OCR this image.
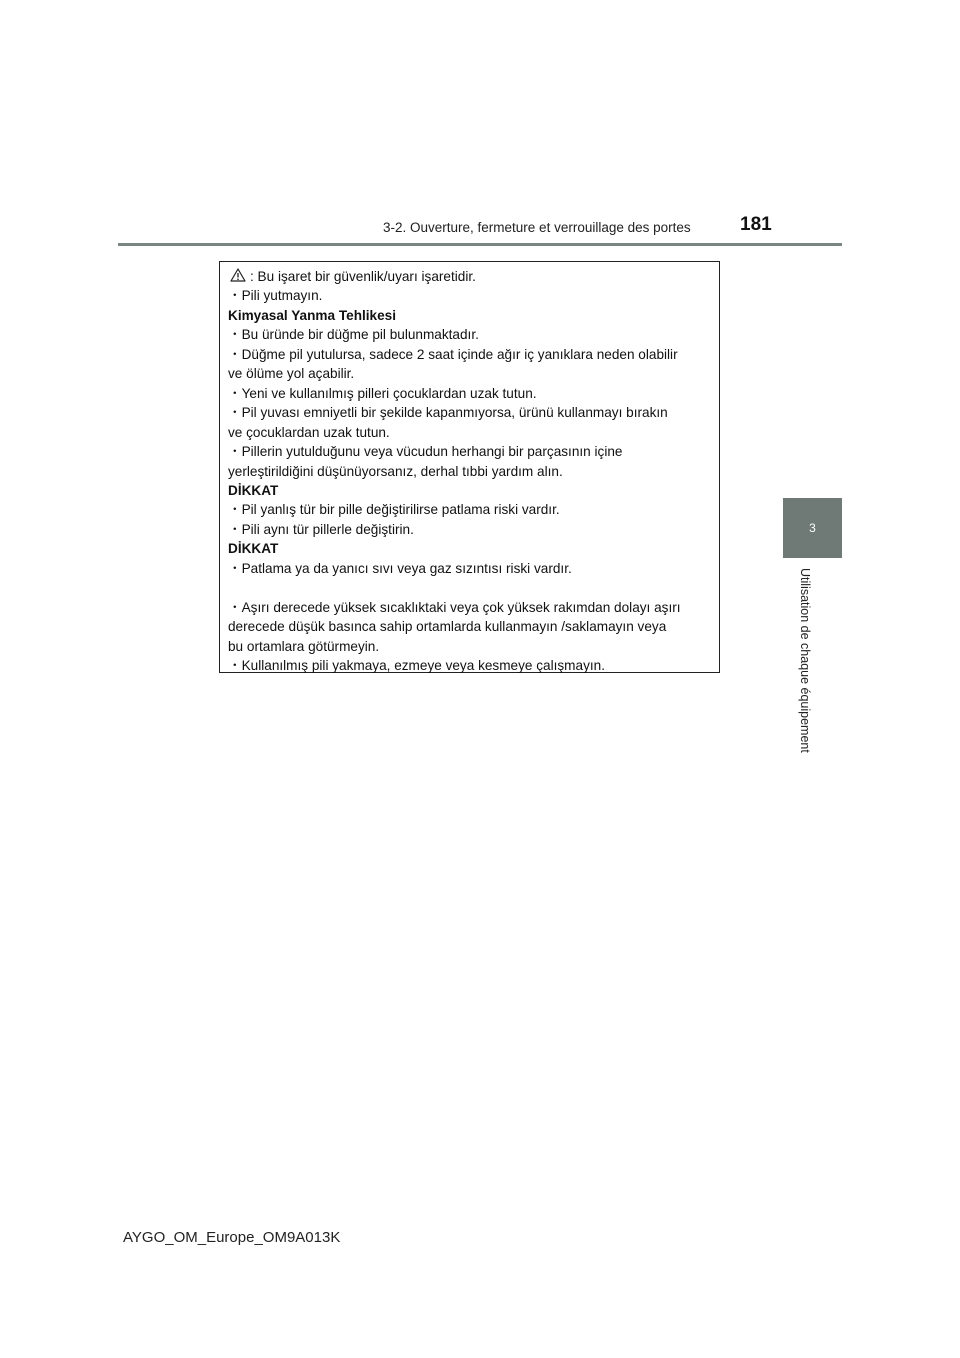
3-2. Ouverture, fermeture et verrouillage des portes	181
3
Utilisation de chaque équipement
: Bu işaret bir güvenlik/uyarı işaretidir.
・Pili yutmayın.
Kimyasal Yanma Tehlikesi
・Bu üründe bir düğme pil bulunmaktadır.
・Düğme pil yutulursa, sadece 2 saat içinde ağır iç yanıklara neden olabilir
ve ölüme yol açabilir.
・Yeni ve kullanılmış pilleri çocuklardan uzak tutun.
・Pil yuvası emniyetli bir şekilde kapanmıyorsa, ürünü kullanmayı bırakın
ve çocuklardan uzak tutun.
・Pillerin yutulduğunu veya vücudun herhangi bir parçasının içine
yerleştirildiğini düşünüyorsanız, derhal tıbbi yardım alın.
DİKKAT
・Pil yanlış tür bir pille değiştirilirse patlama riski vardır.
・Pili aynı tür pillerle değiştirin.
DİKKAT
・Patlama ya da yanıcı sıvı veya gaz sızıntısı riski vardır.
・Aşırı derecede yüksek sıcaklıktaki veya çok yüksek rakımdan dolayı aşırı
derecede düşük basınca sahip ortamlarda kullanmayın /saklamayın veya
bu ortamlara götürmeyin.
・Kullanılmış pili yakmaya, ezmeye veya kesmeye çalışmayın.
AYGO_OM_Europe_OM9A013K
